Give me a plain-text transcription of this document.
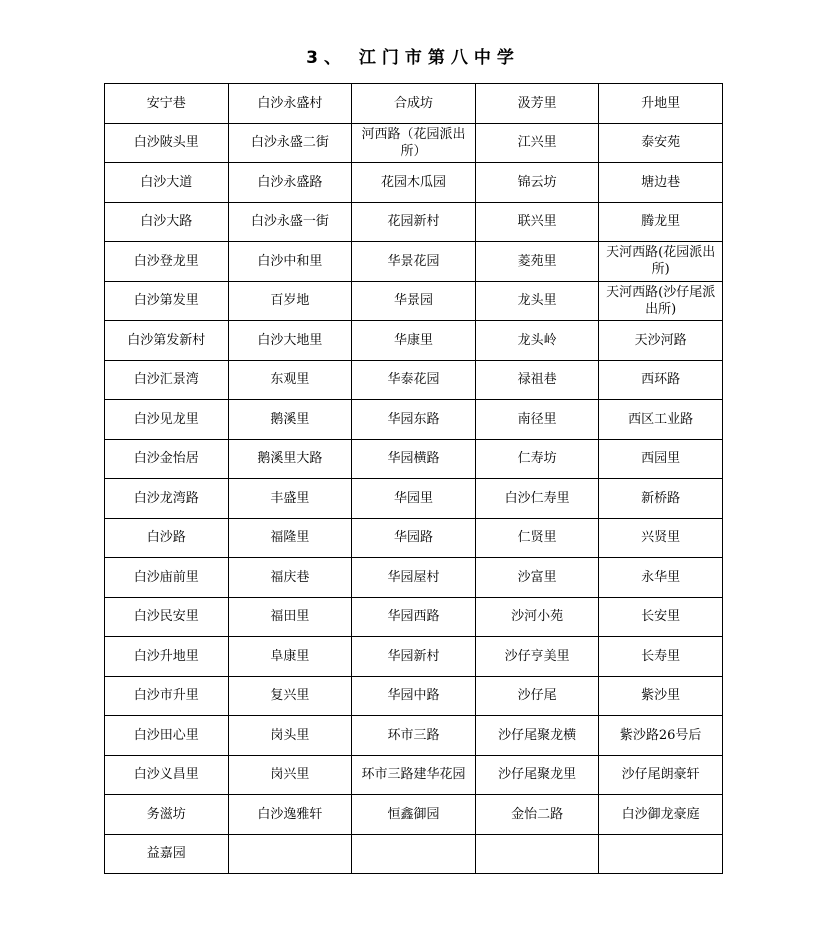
3、 江门市第八中学
安宁巷	白沙永盛村	合成坊	汲芳里	升地里
白沙陂头里	白沙永盛二街	河西路（花园派出所）	江兴里	泰安苑
白沙大道	白沙永盛路	花园木瓜园	锦云坊	塘边巷
白沙大路	白沙永盛一街	花园新村	联兴里	腾龙里
白沙登龙里	白沙中和里	华景花园	菱苑里	天河西路(花园派出所)
白沙第发里	百岁地	华景园	龙头里	天河西路(沙仔尾派出所)
白沙第发新村	白沙大地里	华康里	龙头岭	天沙河路
白沙汇景湾	东观里	华泰花园	禄祖巷	西环路
白沙见龙里	鹅溪里	华园东路	南径里	西区工业路
白沙金怡居	鹅溪里大路	华园横路	仁寿坊	西园里
白沙龙湾路	丰盛里	华园里	白沙仁寿里	新桥路
白沙路	福隆里	华园路	仁贤里	兴贤里
白沙庙前里	福庆巷	华园屋村	沙富里	永华里
白沙民安里	福田里	华园西路	沙河小苑	长安里
白沙升地里	阜康里	华园新村	沙仔亨美里	长寿里
白沙市升里	复兴里	华园中路	沙仔尾	紫沙里
白沙田心里	岗头里	环市三路	沙仔尾聚龙横	紫沙路26号后
白沙义昌里	岗兴里	环市三路建华花园	沙仔尾聚龙里	沙仔尾朗豪轩
务滋坊	白沙逸雅轩	恒鑫御园	金怡二路	白沙御龙豪庭
益嘉园				
